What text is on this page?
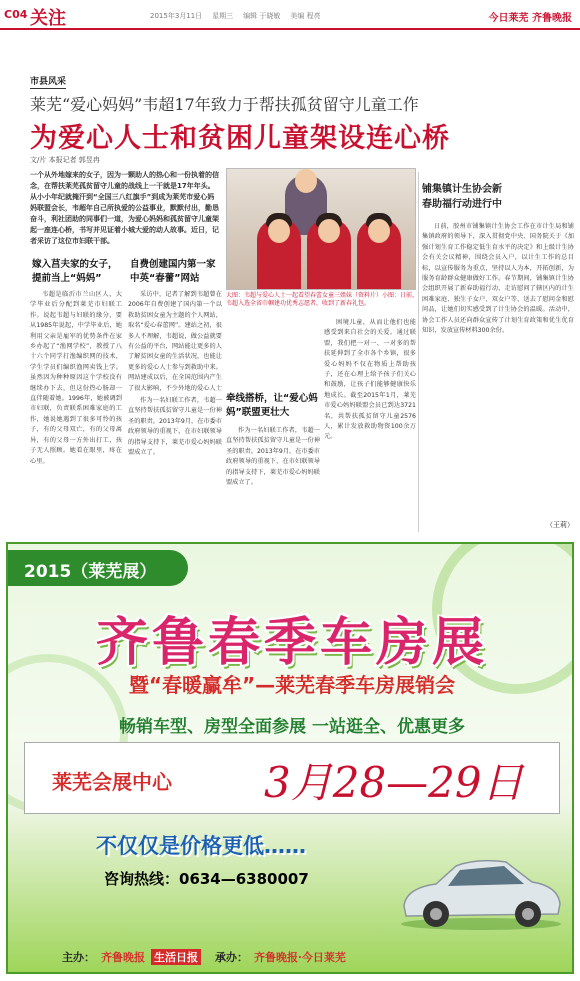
C04 关注	2015年3月11日 星期三 编辑 于晓敏 美编 程亮	今日莱芜 齐鲁晚报
市县风采
莱芜“爱心妈妈”韦超17年致力于帮扶孤贫留守儿童工作
为爱心人士和贫困儿童架设连心桥
文/片 本报记者 郭昱冉
一个从外地嫁来的女子，因为一颗助人的热心和一份执着的信念，在帮扶莱芜孤贫留守儿童的战线上一干就是17年年头。从小小年纪就掩汗到“全国三八红旗手”到成为莱芜市爱心妈妈联盟会长，韦超年自己所执爱的公益事业，默默付出，勤恳奋斗，利社团助的同事们一道，为爱心妈妈和孤贫留守儿童架起一座连心桥，书写并见证着小城大爱的动人故事。近日，记者采访了这位市妇联干部。
大图：韦超与爱心人士一起看望春蕾女童三姐妹（资料片）小图：日前，韦超入选全省巾帼建功优秀志愿者，收到了新春礼包。
嫁入莒夫家的女子，提前当上“妈妈”
韦超是临沂市兰山区人，大学毕业后分配到莱芜市妇联工作。说起韦超与妇联的缘分，要从1985年说起，中学毕业后，她利用父亲是雇军的优势条件在家乡办起了“渔网学校”，教授了八十六个同学打渔编织网的技术，学生学员们编织渔网卖钱上学。虽然因为种种原因这个学校没有继续办下去，但这份热心肠却一直伴随着她。1996年，她被调到市妇联，负责联系困难家庭的工作，她说她遇到了很多可怜的孩子，有的父母双亡，有的父母离异，有的父母一方外出打工，孩子无人照顾。她看在眼里，疼在心里。
自费创建国内第一家中英“春蕾”网站
采访中，记者了解到韦超曾在2006年自费创建了国内第一个以救助贫困女童为主题的个人网站，取名“爱心春蕾网”。建站之初，很多人不理解，韦超说，做公益就要有公益的平台，网站能让更多的人了解贫困女童的生活状况，也能让更多的爱心人士参与到救助中来。网站建成以后，在全国范围内产生了很大影响，不少外地的爱心人士
牵线搭桥，让“爱心妈妈”联盟更壮大
作为一名妇联工作者，韦超一直坚持帮扶孤贫留守儿童是一份神圣的职责。2013年9月，在市委市政府领导的重视下，在市妇联领导的指导支持下，莱芜市爱心妈妈联盟成立了。
作为一名妇联工作者，韦超一直坚持帮扶孤贫留守儿童是一份神圣的职责。2013年9月，在市委市政府领导的重视下，在市妇联领导的指导支持下，莱芜市爱心妈妈联盟成立了。
困境儿童，从而让他们也能感受到来自社会的关爱。通过联盟，我们把一对一、一对多的帮扶延伸到了全市各个乡镇，很多爱心妈妈不仅在物质上帮助孩子，还在心理上给予孩子们关心和鼓励，让孩子们能够健康快乐地成长。截至2015年1月，莱芜市爱心妈妈联盟会员已到达3721名，共帮扶孤贫留守儿童2576人，累计发放救助物资100余万元。
铺集镇计生协会新春助福行动进行中
日前，胶州市铺集镇计生协会工作在市计生局和铺集镇政府的领导下，深入贯彻党中央、国务院关于《加强计划生育工作稳定低生育水平的决定》和上级计生协会有关会议精神，围绕会员入户，以计生工作的总目标，以宣传服务为重点，坚持以人为本，开拓创新，为服务育龄群众健康做好工作。春节期间，铺集镇计生协会组织开展了新春助福行动，走访慰问了辖区内的计生困难家庭、独生子女户、双女户等，送去了慰问金和慰问品，让她们切实感受到了计生协会的温暖。活动中，协会工作人员还向群众宣传了计划生育政策和优生优育知识，发放宣传材料300余份。
（王莉）
2015（莱芜展）
齐鲁春季车房展
暨“春暖赢牟”—莱芜春季车房展销会
畅销车型、房型全面参展 一站逛全、优惠更多
莱芜会展中心 3月28—29日
不仅仅是价格更低……
咨询热线：0634—6380007
主办： 齐鲁晚报 生活日报 承办： 齐鲁晚报·今日莱芜
